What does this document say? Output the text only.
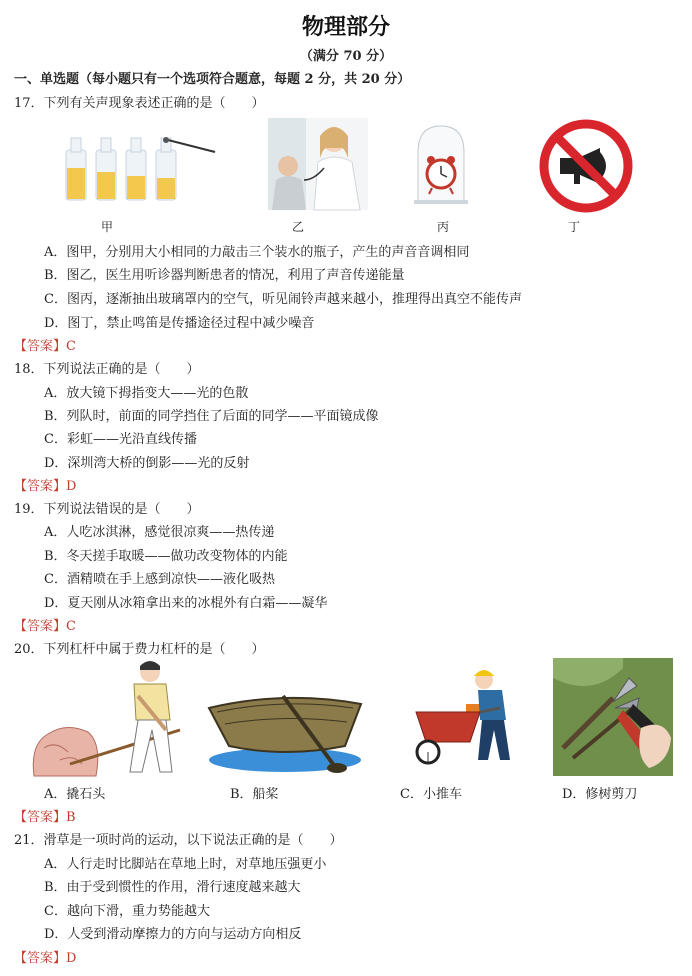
物理部分
（满分 70 分）
一、单选题（每小题只有一个选项符合题意，每题 2 分，共 20 分）
17．下列有关声现象表述正确的是（　　）
甲	乙	丙	丁
A．图甲，分别用大小相同的力敲击三个装水的瓶子，产生的声音音调相同
B．图乙，医生用听诊器判断患者的情况，利用了声音传递能量
C．图丙，逐渐抽出玻璃罩内的空气，听见闹铃声越来越小，推理得出真空不能传声
D．图丁，禁止鸣笛是传播途径过程中减少噪音
【答案】C
18．下列说法正确的是（　　）
A．放大镜下拇指变大——光的色散
B．列队时，前面的同学挡住了后面的同学——平面镜成像
C．彩虹——光沿直线传播
D．深圳湾大桥的倒影——光的反射
【答案】D
19．下列说法错误的是（　　）
A．人吃冰淇淋，感觉很凉爽——热传递
B．冬天搓手取暖——做功改变物体的内能
C．酒精喷在手上感到凉快——液化吸热
D．夏天刚从冰箱拿出来的冰棍外有白霜——凝华
【答案】C
20．下列杠杆中属于费力杠杆的是（　　）
A．撬石头	B．船桨	C．小推车	D．修树剪刀
【答案】B
21．滑草是一项时尚的运动，以下说法正确的是（　　）
A．人行走时比脚站在草地上时，对草地压强更小
B．由于受到惯性的作用，滑行速度越来越大
C．越向下滑，重力势能越大
D．人受到滑动摩擦力的方向与运动方向相反
【答案】D
